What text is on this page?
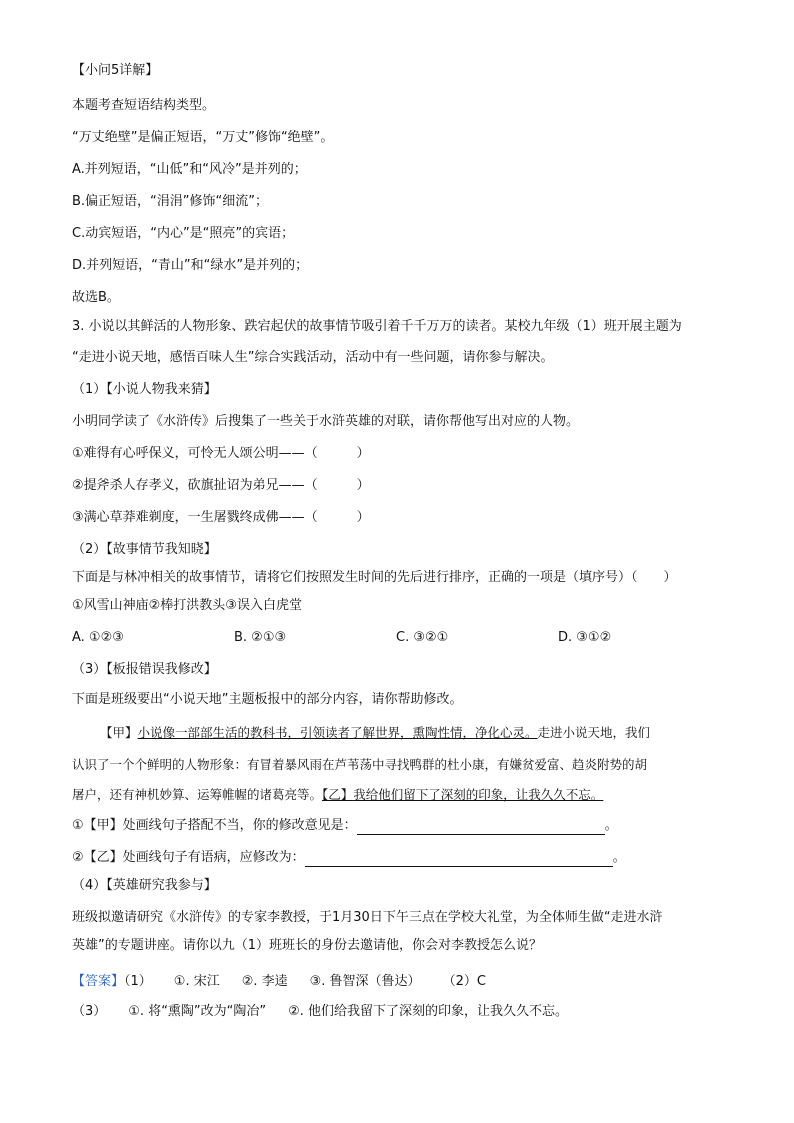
【小问5详解】
本题考查短语结构类型。
“万丈绝壁”是偏正短语，“万丈”修饰“绝壁”。
A.并列短语，“山低”和“风冷”是并列的；
B.偏正短语，“涓涓”修饰“细流”；
C.动宾短语，“内心”是“照亮”的宾语；
D.并列短语，“青山”和“绿水”是并列的；
故选B。
3. 小说以其鲜活的人物形象、跌宕起伏的故事情节吸引着千千万万的读者。某校九年级（1）班开展主题为
“走进小说天地，感悟百味人生”综合实践活动，活动中有一些问题，请你参与解决。
（1）【小说人物我来猜】
小明同学读了《水浒传》后搜集了一些关于水浒英雄的对联，请你帮他写出对应的人物。
①难得有心呼保义，可怜无人颂公明——（　　　）
②提斧杀人存孝义，砍旗扯诏为弟兄——（　　　）
③满心草莽难剃度，一生屠戮终成佛——（　　　）
（2）【故事情节我知晓】
下面是与林冲相关的故事情节，请将它们按照发生时间的先后进行排序，正确的一项是（填序号）（　　）
①风雪山神庙②棒打洪教头③误入白虎堂
A. ①②③	B. ②①③	C. ③②①	D. ③①②
（3）【板报错误我修改】
下面是班级要出“小说天地”主题板报中的部分内容，请你帮助修改。
【甲】小说像一部部生活的教科书，引领读者了解世界，熏陶性情，净化心灵。走进小说天地，我们
认识了一个个鲜明的人物形象：有冒着暴风雨在芦苇荡中寻找鸭群的杜小康，有嫌贫爱富、趋炎附势的胡
屠户，还有神机妙算、运筹帷幄的诸葛亮等。【乙】我给他们留下了深刻的印象，让我久久不忘。
①【甲】处画线句子搭配不当，你的修改意见是：	。
②【乙】处画线句子有语病，应修改为：	。
（4）【英雄研究我参与】
班级拟邀请研究《水浒传》的专家李教授，于1月30日下午三点在学校大礼堂，为全体师生做“走进水浒
英雄”的专题讲座。请你以九（1）班班长的身份去邀请他，你会对李教授怎么说？
【答案】（1） ①. 宋江 ②. 李逵 ③. 鲁智深（鲁达） （2）C
（3） ①. 将“熏陶”改为“陶冶” ②. 他们给我留下了深刻的印象，让我久久不忘。
